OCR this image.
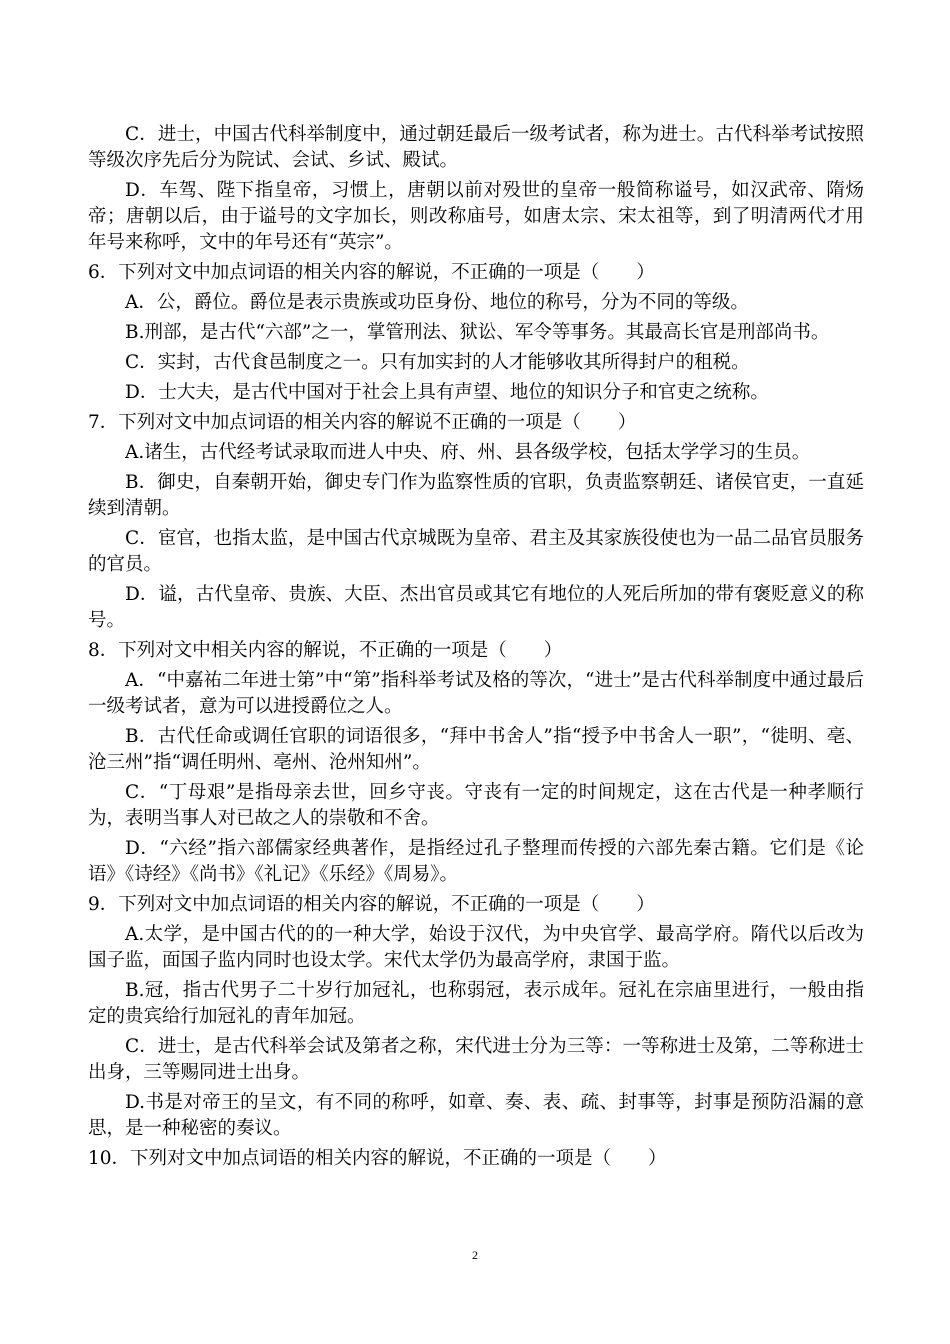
C．进士，中国古代科举制度中，通过朝廷最后一级考试者，称为进士。古代科举考试按照等级次序先后分为院试、会试、乡试、殿试。

D．车驾、陛下指皇帝，习惯上，唐朝以前对殁世的皇帝一般简称谥号，如汉武帝、隋炀帝；唐朝以后，由于谥号的文字加长，则改称庙号，如唐太宗、宋太祖等，到了明清两代才用年号来称呼，文中的年号还有“英宗”。

6．下列对文中加点词语的相关内容的解说，不正确的一项是（　　）

A．公，爵位。爵位是表示贵族或功臣身份、地位的称号，分为不同的等级。

B.刑部，是古代“六部”之一，掌管刑法、狱讼、军令等事务。其最高长官是刑部尚书。

C．实封，古代食邑制度之一。只有加实封的人才能够收其所得封户的租税。

D．士大夫，是古代中国对于社会上具有声望、地位的知识分子和官吏之统称。

7．下列对文中加点词语的相关内容的解说不正确的一项是（　　）

A.诸生，古代经考试录取而进人中央、府、州、县各级学校，包括太学学习的生员。

B．御史，自秦朝开始，御史专门作为监察性质的官职，负责监察朝廷、诸侯官吏，一直延续到清朝。

C．宦官，也指太监，是中国古代京城既为皇帝、君主及其家族役使也为一品二品官员服务的官员。

D．谥，古代皇帝、贵族、大臣、杰出官员或其它有地位的人死后所加的带有褒贬意义的称号。

8．下列对文中相关内容的解说，不正确的一项是（　　）

A．“中嘉祐二年进士第”中“第”指科举考试及格的等次，“进士”是古代科举制度中通过最后一级考试者，意为可以进授爵位之人。

B．古代任命或调任官职的词语很多，“拜中书舍人”指“授予中书舍人一职”，“徙明、亳、沧三州”指“调任明州、亳州、沧州知州”。

C．“丁母艰”是指母亲去世，回乡守丧。守丧有一定的时间规定，这在古代是一种孝顺行为，表明当事人对已故之人的崇敬和不舍。

D．“六经”指六部儒家经典著作，是指经过孔子整理而传授的六部先秦古籍。它们是《论语》《诗经》《尚书》《礼记》《乐经》《周易》。

9．下列对文中加点词语的相关内容的解说，不正确的一项是（　　）

A.太学，是中国古代的的一种大学，始设于汉代，为中央官学、最高学府。隋代以后改为国子监，面国子监内同时也设太学。宋代太学仍为最高学府，隶国于监。

B.冠，指古代男子二十岁行加冠礼，也称弱冠，表示成年。冠礼在宗庙里进行，一般由指定的贵宾给行加冠礼的青年加冠。

C．进士，是古代科举会试及第者之称，宋代进士分为三等：一等称进士及第，二等称进士出身，三等赐同进士出身。

D.书是对帝王的呈文，有不同的称呼，如章、奏、表、疏、封事等，封事是预防沿漏的意思，是一种秘密的奏议。

10．下列对文中加点词语的相关内容的解说，不正确的一项是（　　）

2
